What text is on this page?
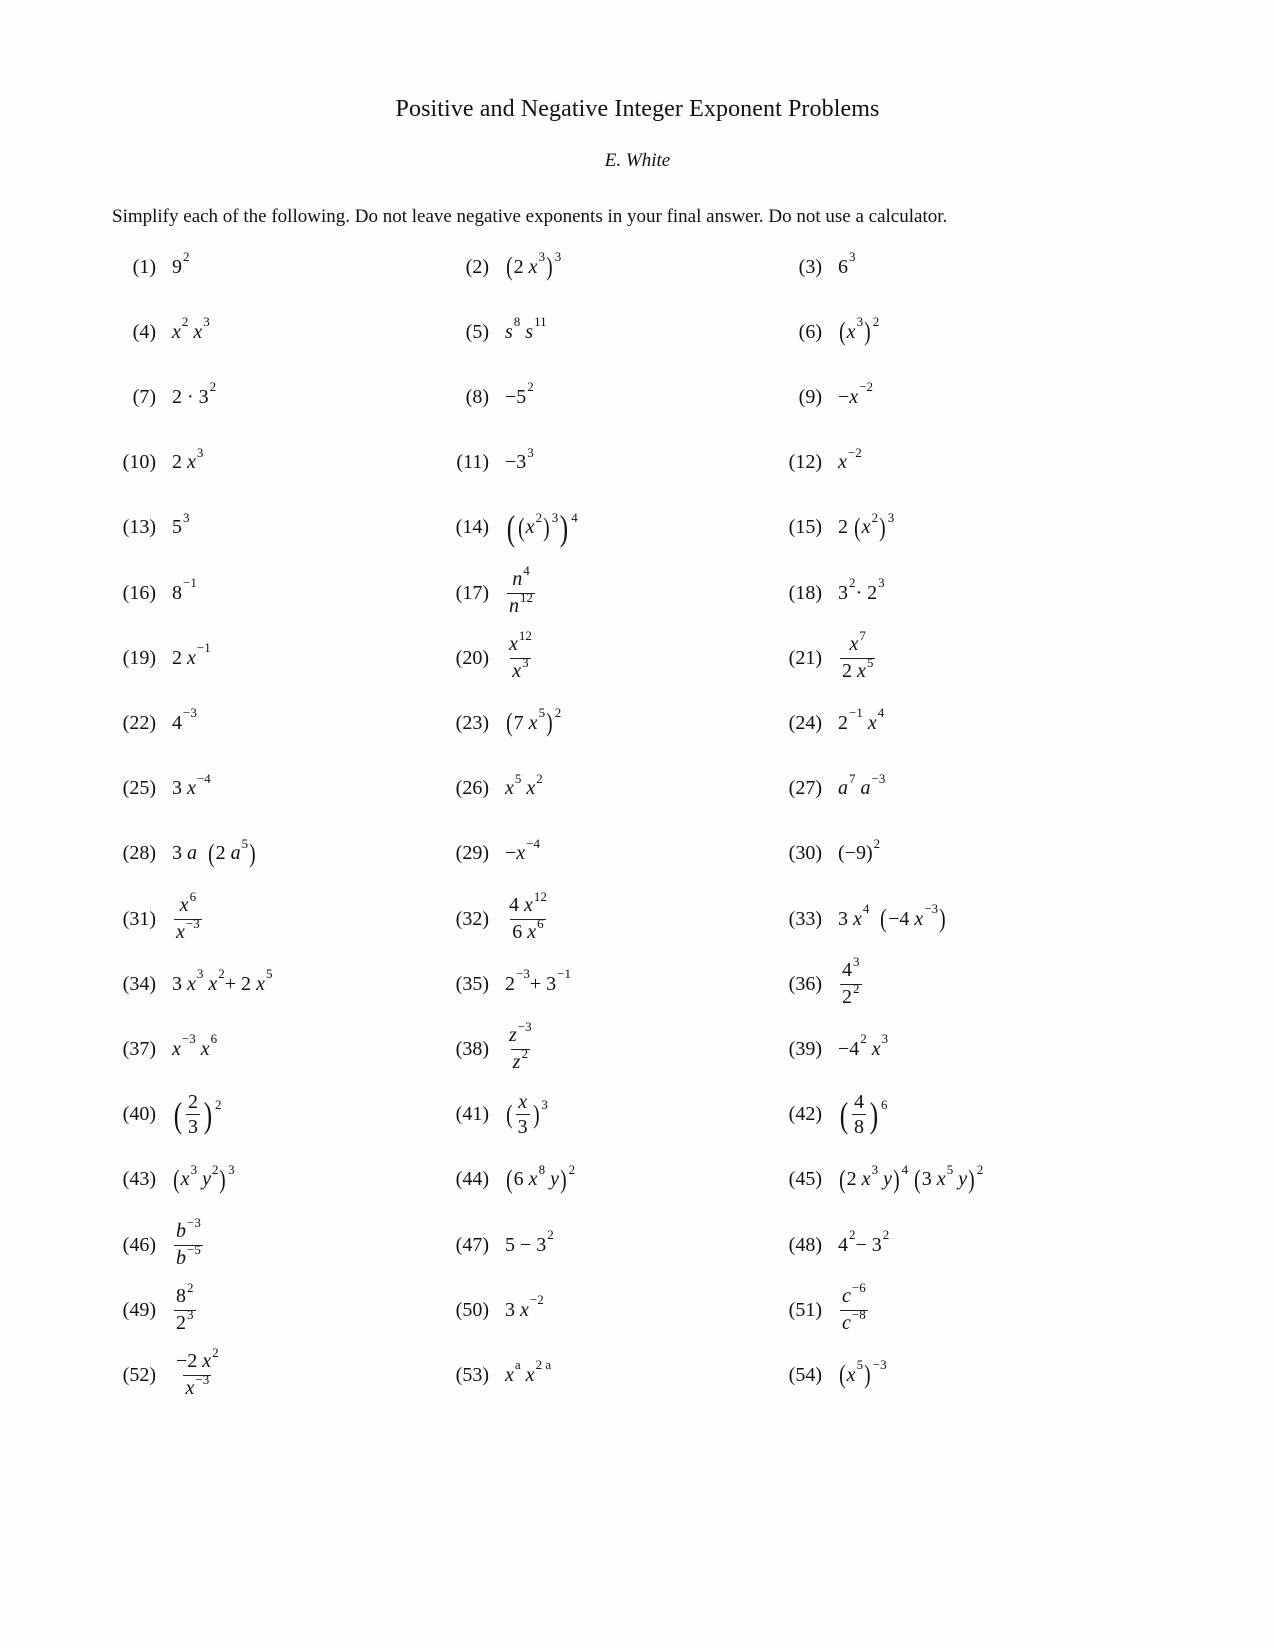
Positive and Negative Integer Exponent Problems
E. White
Simplify each of the following. Do not leave negative exponents in your final answer. Do not use a calculator.
(1) $9^2$	(2) ( 2 $x^3$ )$^3$	(3) $6^3$
(4) $x^2$ $x^3$	(5) $s^8$ $s^{11}$	(6) ( $x^3$ )$^2$
(7) $2 \cdot 3^2$	$(8) -5^2$	$(9) - x^{-2}$
(10) 2 $x^3$	$(11) -3^3$	(12) $x^{-2}$
(13) $5^3$	(14) ( ( $x^2$ )$^3$ )$^4$	(15) 2 ( $x^2$ )$^3$
(16) $8^{-1}$	$(17) \frac{n^4}{n^{12}}$	(18) $3^2 \cdot 2^3$
(19) 2 $x^{-1}$	$(20) \frac{x^{12}}{x^3}$	$(21) \frac{x^7}{2 x^5}$
(22) $4^{-3}$	(23) ( 7 $x^5$ )$^2$	(24) $2^{-1}$ $x^4$
(25) 3 $x^{-4}$	(26) $x^5$ $x^2$	(27) $a^7$ $a^{-3}$
(28) 3 a ( 2 $a^5$ )	$(29) - x^{-4}$	(30) $(-9)^2$
$(31) \frac{x^6}{x^{-3}}$	$(32) \frac{4 x^{12}}{6 x^6}$	(33) 3 $x^4$ ( −4 $x^{-3}$ )
(34) 3 $x^3$ $x^2 + 2$ $x^5$	(35) $2^{-3} + 3^{-1}$	$(36) \frac{4^3}{2^2}$
(37) $x^{-3}$ $x^6$	$(38) \frac{z^{-3}}{z^2}$	$(39) -4^2$ $x^3$
(40) ( $\frac{2}{3} )^2$	(41) ( $\frac{x}{3} )^3$	(42) ( $\frac{4}{8} )^6$
(43) ( $x^3$ $y^2$ )$^3$	(44) ( 6 $x^8$ y )$^2$	(45) ( 2 $x^3$ y )$^4$ ( 3 $x^5$ y )$^2$
$(46) \frac{b^{-3}}{b^{-5}}$	(47) $5 - 3^2$	(48) $4^2 - 3^2$
$(49) \frac{8^2}{2^3}$	(50) 3 $x^{-2}$	$(51) \frac{c^{-6}}{c^{-8}}$
$(52) \frac{-2 x^2}{x^{-3}}$	(53) $x^a$ $x^{2 a}$	(54) ( $x^5$ )$^{-3}$
